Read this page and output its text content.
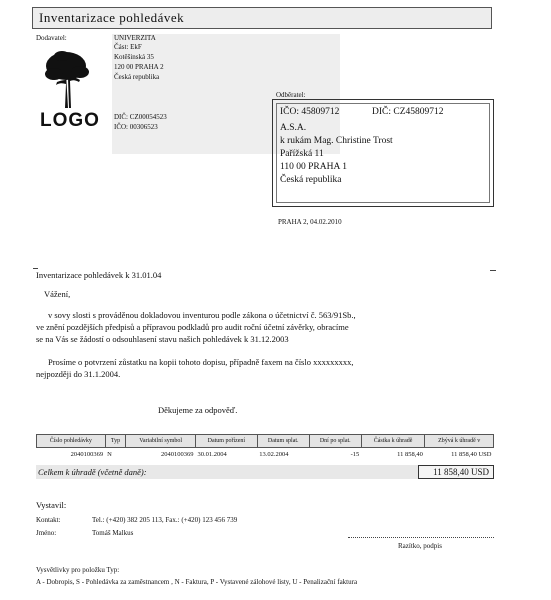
Inventarizace pohledávek
Dodavatel:	UNIVERZITA
Část: EkF
Kotěšinská 35
120 00 PRAHA 2
Česká republika
DIČ: CZ00054523
IČO: 00306523
LOGO
Odběratel:
IČO: 45809712	DIČ: CZ45809712
A.S.A.
k rukám Mag. Christine Trost
Pařížská 11
110 00 PRAHA 1
Česká republika
PRAHA 2, 04.02.2010
Inventarizace pohledávek k 31.01.04
Vážení,
v sovy slosti s prováděnou dokladovou inventurou podle zákona o účetnictví č. 563/91Sb.,
ve znění pozdějších předpisů a přípravou podkladů pro audit roční účetní závěrky, obracíme
se na Vás se žádostí o odsouhlasení stavu našich pohledávek k 31.12.2003
Prosíme o potvrzení zůstatku na kopii tohoto dopisu, případně faxem na číslo xxxxxxxxx,
nejpozději do 31.1.2004.
Děkujeme za odpověď.
Číslo pohledávky	Typ	Variabilní symbol	Datum pořízení	Datum splat.	Dní po splat.	Částka k úhradě	Zbývá k úhradě v
2040100369	N	2040100369	30.01.2004	13.02.2004	-15	11 858,40	11 858,40 USD
Celkem k úhradě (včetně daně):	11 858,40 USD
Vystavil:
Kontakt:	Tel.: (+420) 382 205 113, Fax.: (+420) 123 456 739
Jméno:	Tomáš Malkus
Razítko, podpis
Vysvětlivky pro položku Typ:
A - Dobropis, S - Pohledávka za zaměstnancem , N - Faktura, P - Vystavené zálohové listy, U - Penalizační faktura
